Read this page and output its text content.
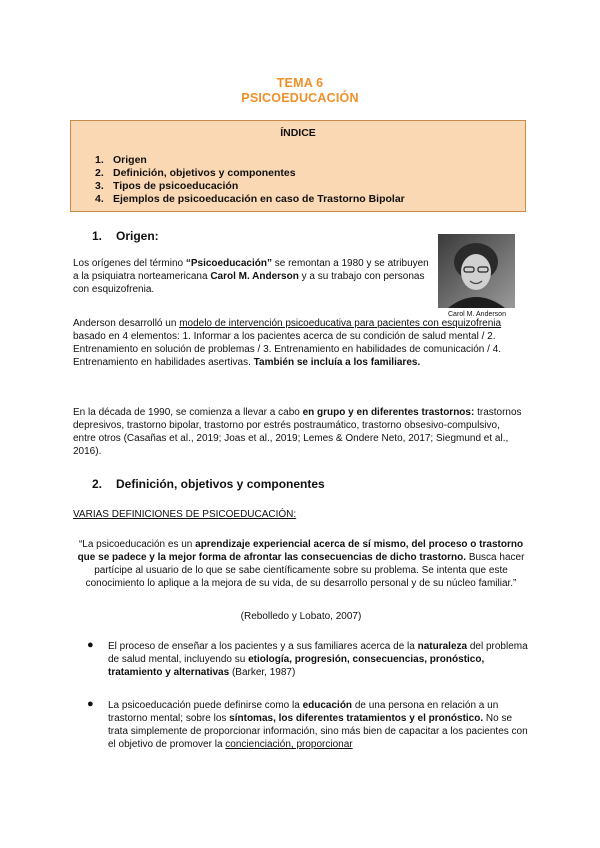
TEMA 6
PSICOEDUCACIÓN
ÍNDICE
1. Origen
2. Definición, objetivos y componentes
3. Tipos de psicoeducación
4. Ejemplos de psicoeducación en caso de Trastorno Bipolar
1. Origen:
Carol M. Anderson

Los orígenes del término “Psicoeducación” se remontan a 1980 y se atribuyen a la psiquiatra norteamericana Carol M. Anderson y a su trabajo con personas con esquizofrenia.

Anderson desarrolló un modelo de intervención psicoeducativa para pacientes con esquizofrenia basado en 4 elementos: 1. Informar a los pacientes acerca de su condición de salud mental / 2. Entrenamiento en solución de problemas / 3. Entrenamiento en habilidades de comunicación / 4. Entrenamiento en habilidades asertivas. También se incluía a los familiares.

En la década de 1990, se comienza a llevar a cabo en grupo y en diferentes trastornos: trastornos depresivos, trastorno bipolar, trastorno por estrés postraumático, trastorno obsesivo-compulsivo, entre otros (Casañas et al., 2019; Joas et al., 2019; Lemes & Ondere Neto, 2017; Siegmund et al., 2016).

2. Definición, objetivos y componentes

VARIAS DEFINICIONES DE PSICOEDUCACIÓN:

“La psicoeducación es un aprendizaje experiencial acerca de sí mismo, del proceso o trastorno que se padece y la mejor forma de afrontar las consecuencias de dicho trastorno. Busca hacer partícipe al usuario de lo que se sabe científicamente sobre su problema. Se intenta que este conocimiento lo aplique a la mejora de su vida, de su desarrollo personal y de su núcleo familiar.”

(Rebolledo y Lobato, 2007)

● El proceso de enseñar a los pacientes y a sus familiares acerca de la naturaleza del problema de salud mental, incluyendo su etiología, progresión, consecuencias, pronóstico, tratamiento y alternativas (Barker, 1987)

● La psicoeducación puede definirse como la educación de una persona en relación a un trastorno mental; sobre los síntomas, los diferentes tratamientos y el pronóstico. No se trata simplemente de proporcionar información, sino más bien de capacitar a los pacientes con el objetivo de promover la concienciación, proporcionar
